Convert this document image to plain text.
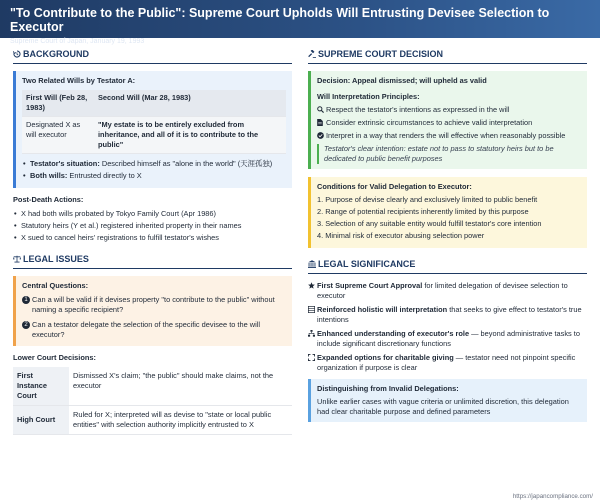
"To Contribute to the Public": Supreme Court Upholds Will Entrusting Devisee Selection to Executor
Supreme Court of Japan, January 19, 1993
BACKGROUND
Two Related Wills by Testator A:
First Will (Feb 28, 1983)	Second Will (Mar 28, 1983)
Designated X as will executor	"My estate is to be entirely excluded from inheritance, and all of it is to contribute to the public"
• Testator's situation: Described himself as "alone in the world" (天涯孤独)
• Both wills: Entrusted directly to X
Post-Death Actions:
• X had both wills probated by Tokyo Family Court (Apr 1986)
• Statutory heirs (Y et al.) registered inherited property in their names
• X sued to cancel heirs' registrations to fulfill testator's wishes
LEGAL ISSUES
Central Questions:
1 Can a will be valid if it devises property "to contribute to the public" without naming a specific recipient?
2 Can a testator delegate the selection of the specific devisee to the will executor?
Lower Court Decisions:
First Instance Court	Dismissed X's claim; "the public" should make claims, not the executor
High Court	Ruled for X; interpreted will as devise to "state or local public entities" with selection authority implicitly entrusted to X
SUPREME COURT DECISION
Decision: Appeal dismissed; will upheld as valid
Will Interpretation Principles:
Respect the testator's intentions as expressed in the will
Consider extrinsic circumstances to achieve valid interpretation
Interpret in a way that renders the will effective when reasonably possible
Testator's clear intention: estate not to pass to statutory heirs but to be dedicated to public benefit purposes
Conditions for Valid Delegation to Executor:
1. Purpose of devise clearly and exclusively limited to public benefit
2. Range of potential recipients inherently limited by this purpose
3. Selection of any suitable entity would fulfill testator's core intention
4. Minimal risk of executor abusing selection power
LEGAL SIGNIFICANCE
First Supreme Court Approval for limited delegation of devisee selection to executor
Reinforced holistic will interpretation that seeks to give effect to testator's true intentions
Enhanced understanding of executor's role — beyond administrative tasks to include significant discretionary functions
Expanded options for charitable giving — testator need not pinpoint specific organization if purpose is clear
Distinguishing from Invalid Delegations:
Unlike earlier cases with vague criteria or unlimited discretion, this delegation had clear charitable purpose and defined parameters
https://japancompliance.com/
